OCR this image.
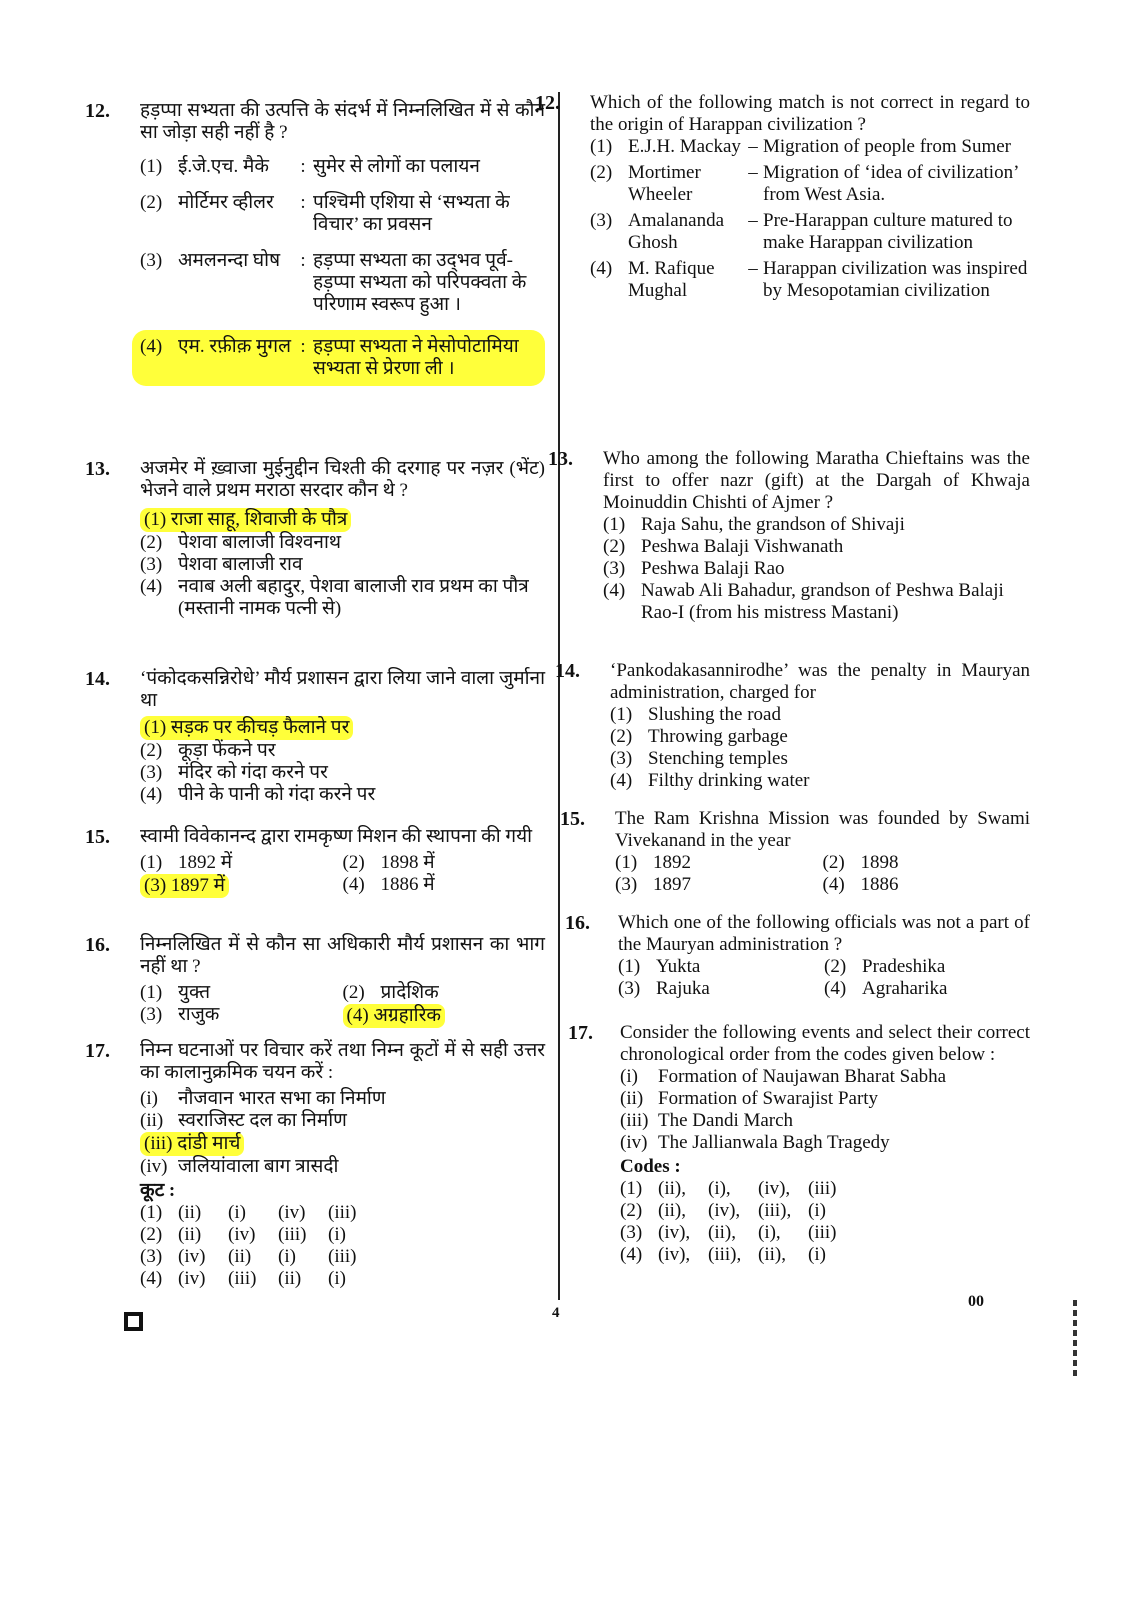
12. हड़प्पा सभ्यता की उत्पत्ति के संदर्भ में निम्नलिखित में से कौन सा जोड़ा सही नहीं है ?
(1) ई.जे.एच. मैके	: सुमेर से लोगों का पलायन
(2) मोर्टिमर व्हीलर	: पश्चिमी एशिया से ‘सभ्यता के विचार’ का प्रवसन
(3) अमलनन्दा घोष	: हड़प्पा सभ्यता का उद्‌भव पूर्व-हड़प्पा सभ्यता को परिपक्वता के परिणाम स्वरूप हुआ ।
(4) एम. रफ़ीक़ मुगल : हड़प्पा सभ्यता ने मेसोपोटामिया सभ्यता से प्रेरणा ली ।
13. अजमेर में ख़्वाजा मुईनुद्दीन चिश्ती की दरगाह पर नज़र (भेंट) भेजने वाले प्रथम मराठा सरदार कौन थे ?
(1) राजा साहू, शिवाजी के पौत्र
(2) पेशवा बालाजी विश्वनाथ
(3) पेशवा बालाजी राव
(4) नवाब अली बहादुर, पेशवा बालाजी राव प्रथम का पौत्र (मस्तानी नामक पत्नी से)
14. ‘पंकोदकसन्निरोधे’ मौर्य प्रशासन द्वारा लिया जाने वाला जुर्माना था
(1) सड़क पर कीचड़ फैलाने पर
(2) कूड़ा फेंकने पर
(3) मंदिर को गंदा करने पर
(4) पीने के पानी को गंदा करने पर
15. स्वामी विवेकानन्द द्वारा रामकृष्ण मिशन की स्थापना की गयी
(1) 1892 में	(2) 1898 में
(3) 1897 में	(4) 1886 में
16. निम्नलिखित में से कौन सा अधिकारी मौर्य प्रशासन का भाग नहीं था ?
(1) युक्त	(2) प्रादेशिक
(3) राजुक	(4) अग्रहारिक
17. निम्न घटनाओं पर विचार करें तथा निम्न कूटों में से सही उत्तर का कालानुक्रमिक चयन करें :
(i)	नौजवान भारत सभा का निर्माण
(ii) स्वराजिस्ट दल का निर्माण
(iii) दांडी मार्च
(iv) जलियांवाला बाग त्रासदी
कूट :
(1) (ii)	(i)	(iv)	(iii)
(2) (ii)	(iv)	(iii)	(i)
(3) (iv)	(ii)	(i)	(iii)
(4) (iv)	(iii)	(ii)	(i)
12. Which of the following match is not correct in regard to the origin of Harappan civilization ?
(1) E.J.H. Mackay – Migration of people from Sumer
(2) Mortimer Wheeler
– Migration of ‘idea of civilization’ from West Asia.
(3) Amalananda Ghosh
– Pre-Harappan culture matured to make Harappan civilization
(4) M. Rafique Mughal
– Harappan civilization was inspired by Mesopotamian civilization
13. Who among the following Maratha Chieftains was the first to offer nazr (gift) at the Dargah of Khwaja Moinuddin Chishti of Ajmer ?
(1) Raja Sahu, the grandson of Shivaji
(2) Peshwa Balaji Vishwanath
(3) Peshwa Balaji Rao
(4) Nawab Ali Bahadur, grandson of Peshwa Balaji Rao-I (from his mistress Mastani)
14. ‘Pankodakasannirodhe’ was the penalty in Mauryan administration, charged for
(1) Slushing the road
(2) Throwing garbage
(3) Stenching temples
(4) Filthy drinking water
15. The Ram Krishna Mission was founded by Swami Vivekanand in the year
(1) 1892	(2) 1898
(3) 1897	(4) 1886
16. Which one of the following officials was not a part of the Mauryan administration ?
(1) Yukta	(2) Pradeshika
(3) Rajuka	(4) Agraharika
17. Consider the following events and select their correct chronological order from the codes given below :
(i)	Formation of Naujawan Bharat Sabha
(ii) Formation of Swarajist Party
(iii) The Dandi March
(iv) The Jallianwala Bagh Tragedy
Codes :
(1) (ii),	(i),	(iv), (iii)
(2) (ii),	(iv), (iii), (i)
(3) (iv), (ii),	(i),	(iii)
(4) (iv), (iii), (ii),	(i)
4
00
